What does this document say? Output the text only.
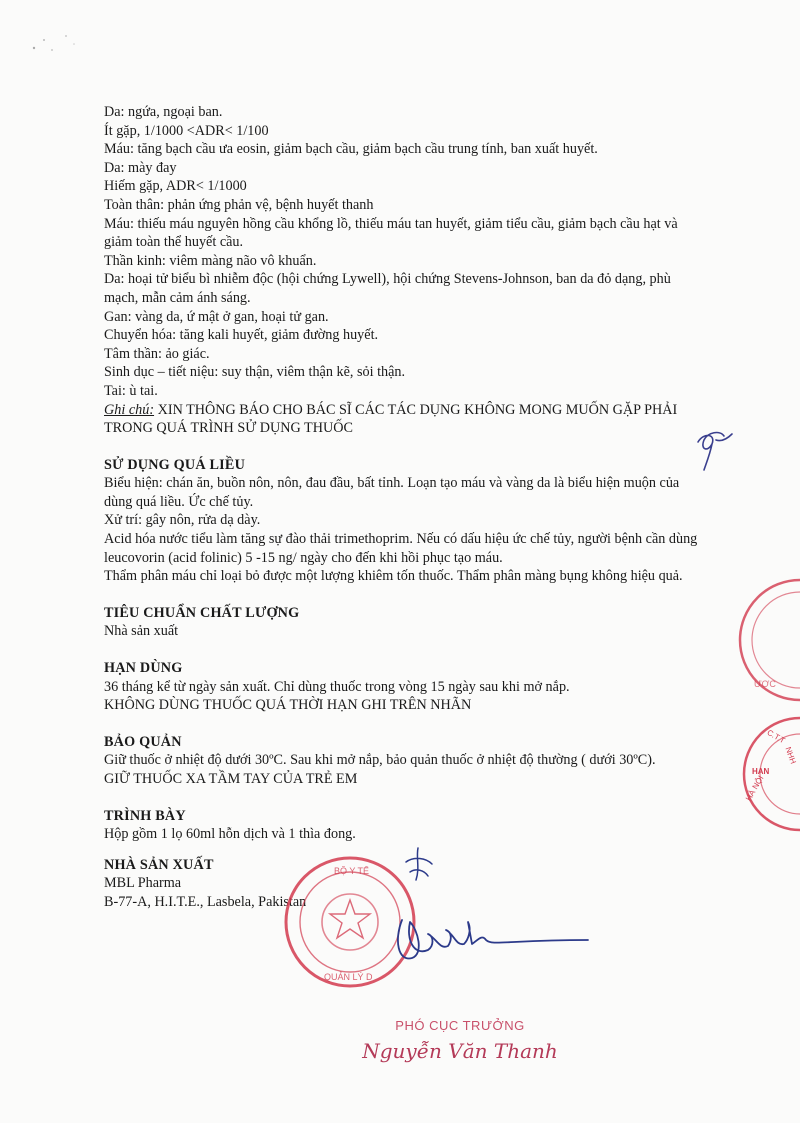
Da: ngứa, ngoại ban.
Ít gặp, 1/1000 <ADR< 1/100
Máu: tăng bạch cầu ưa eosin, giảm bạch cầu, giảm bạch cầu trung tính, ban xuất huyết.
Da: mày đay
Hiếm gặp, ADR< 1/1000
Toàn thân: phản ứng phản vệ, bệnh huyết thanh
Máu: thiếu máu nguyên hồng cầu khổng lồ, thiếu máu tan huyết, giảm tiểu cầu, giảm bạch cầu hạt và giảm toàn thể huyết cầu.
Thần kinh: viêm màng não vô khuẩn.
Da: hoại tử biểu bì nhiễm độc (hội chứng Lywell), hội chứng Stevens-Johnson, ban da đỏ dạng, phù mạch, mẫn cảm ánh sáng.
Gan: vàng da, ứ mật ở gan, hoại tử gan.
Chuyển hóa: tăng kali huyết, giảm đường huyết.
Tâm thần: ảo giác.
Sinh dục – tiết niệu: suy thận, viêm thận kẽ, sỏi thận.
Tai: ù tai.
Ghi chú: XIN THÔNG BÁO CHO BÁC SĨ CÁC TÁC DỤNG KHÔNG MONG MUỐN GẶP PHẢI TRONG QUÁ TRÌNH SỬ DỤNG THUỐC
SỬ DỤNG QUÁ LIỀU
Biểu hiện: chán ăn, buồn nôn, nôn, đau đầu, bất tỉnh. Loạn tạo máu và vàng da là biểu hiện muộn của dùng quá liều. Ức chế tủy.
Xử trí: gây nôn, rửa dạ dày.
Acid hóa nước tiểu làm tăng sự đào thải trimethoprim. Nếu có dấu hiệu ức chế tủy, người bệnh cần dùng leucovorin (acid folinic) 5 -15 ng/ ngày cho đến khi hồi phục tạo máu.
Thẩm phân máu chỉ loại bỏ được một lượng khiêm tốn thuốc. Thẩm phân màng bụng không hiệu quả.
TIÊU CHUẨN CHẤT LƯỢNG
Nhà sản xuất
HẠN DÙNG
36 tháng kể từ ngày sản xuất. Chỉ dùng thuốc trong vòng 15 ngày sau khi mở nắp.
KHÔNG DÙNG THUỐC QUÁ THỜI HẠN GHI TRÊN NHÃN
BẢO QUẢN
Giữ thuốc ở nhiệt độ dưới 30ºC. Sau khi mở nắp, bảo quản thuốc ở nhiệt độ thường ( dưới 30ºC).
GIỮ THUỐC XA TẦM TAY CỦA TRẺ EM
TRÌNH BÀY
Hộp gồm 1 lọ 60ml hỗn dịch và 1 thìa đong.
NHÀ SẢN XUẤT
MBL Pharma
B-77-A, H.I.T.E., Lasbela, Pakistan
ƯỢC
C.T.T
NHH
HAN
HÀ NỘI
BỘ Y TẾ
QUẢN LÝ D
PHÓ CỤC TRƯỞNG
Nguyễn Văn Thanh
